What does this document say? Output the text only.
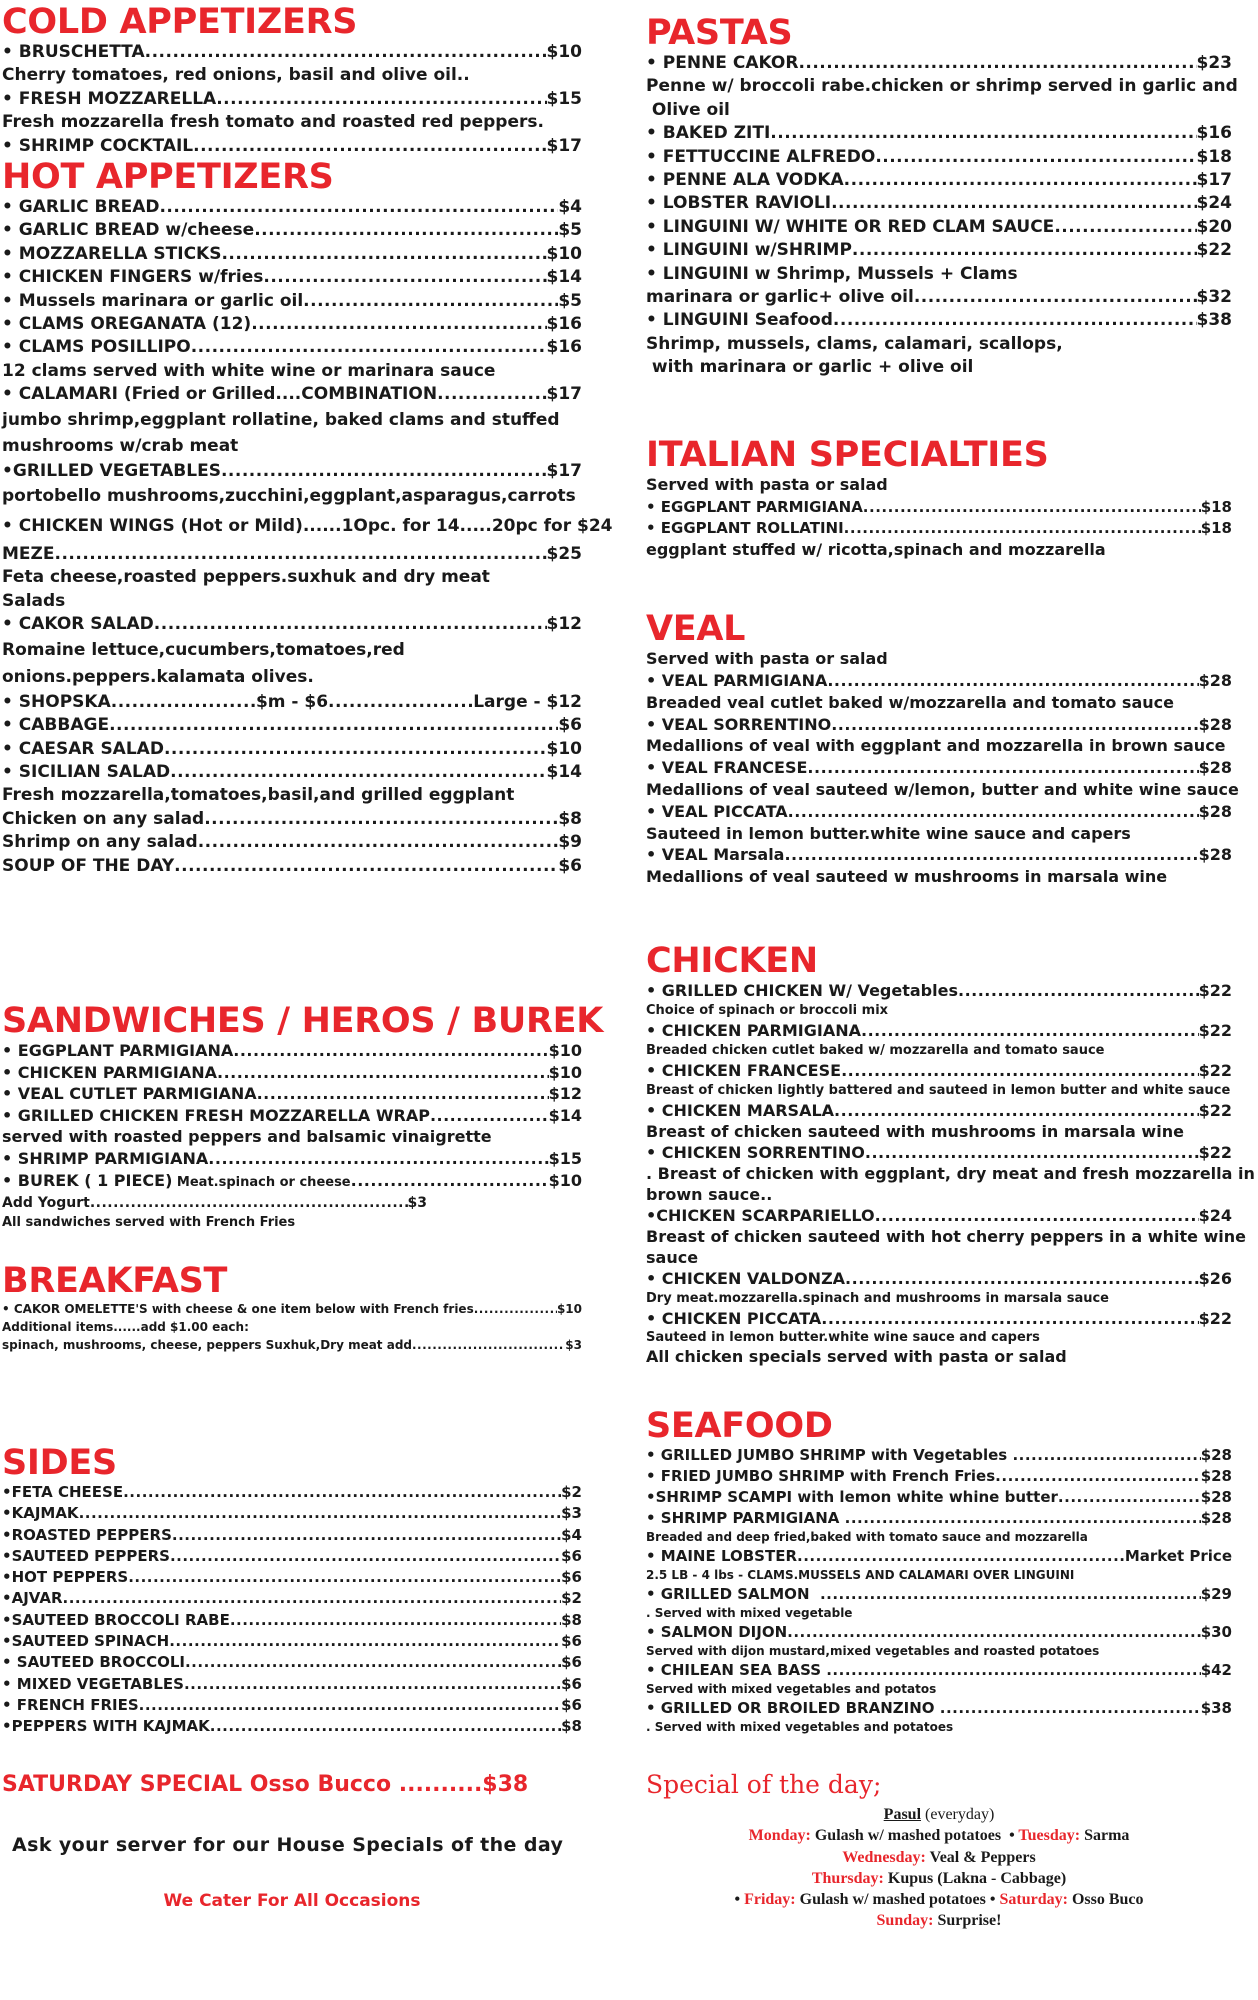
COLD APPETIZERS
• BRUSCHETTA .....	$10
Cherry tomatoes, red onions, basil and olive oil..
• FRESH MOZZARELLA .....	$15
Fresh mozzarella fresh tomato and roasted red peppers.
• SHRIMP COCKTAIL .....	$17
HOT APPETIZERS
• GARLIC BREAD .....	$4
• GARLIC BREAD w/cheese .....	$5
• MOZZARELLA STICKS .....	$10
• CHICKEN FINGERS w/fries .....	$14
• Mussels marinara or garlic oil .....	$5
• CLAMS OREGANATA (12) .....	$16
• CLAMS POSILLIPO .....	$16
12 clams served with white wine or marinara sauce
• CALAMARI (Fried or Grilled....COMBINATION .....	$17
jumbo shrimp,eggplant rollatine, baked clams and stuffed
mushrooms w/crab meat
•GRILLED VEGETABLES .....	$17
portobello mushrooms,zucchini,eggplant,asparagus,carrots
• CHICKEN WINGS (Hot or Mild)......1Opc. for 14.....20pc for $24
MEZE .....	$25
Feta cheese,roasted peppers.suxhuk and dry meat
Salads
• CAKOR SALAD .....	$12
Romaine lettuce,cucumbers,tomatoes,red
onions.peppers.kalamata olives.
• SHOPSKA .....	$m - $6 .....	Large - $12
• CABBAGE .....	$6
• CAESAR SALAD .....	$10
• SICILIAN SALAD .....	$14
Fresh mozzarella,tomatoes,basil,and grilled eggplant
Chicken on any salad .....	$8
Shrimp on any salad .....	$9
SOUP OF THE DAY .....	$6
SANDWICHES / HEROS / BUREK
• EGGPLANT PARMIGIANA .....	$10
• CHICKEN PARMIGIANA .....	$10
• VEAL CUTLET PARMIGIANA .....	$12
• GRILLED CHICKEN FRESH MOZZARELLA WRAP .....	$14
served with roasted peppers and balsamic vinaigrette
• SHRIMP PARMIGIANA .....	$15
• BUREK ( 1 PIECE) Meat.spinach or cheese .....	$10
Add Yogurt .....	$3
All sandwiches served with French Fries
BREAKFAST
• CAKOR OMELETTE'S with cheese & one item below with French fries .....	$10
Additional items......add $1.00 each:
spinach, mushrooms, cheese, peppers Suxhuk,Dry meat add .....	$3
SIDES
•FETA CHEESE .....	$2
•KAJMAK .....	$3
•ROASTED PEPPERS .....	$4
•SAUTEED PEPPERS .....	$6
•HOT PEPPERS .....	$6
•AJVAR .....	$2
•SAUTEED BROCCOLI RABE .....	$8
•SAUTEED SPINACH .....	$6
• SAUTEED BROCCOLI .....	$6
• MIXED VEGETABLES .....	$6
• FRENCH FRIES .....	$6
•PEPPERS WITH KAJMAK .....	$8
SATURDAY SPECIAL Osso Bucco ..........$38
Ask your server for our House Specials of the day
We Cater For All Occasions
PASTAS
• PENNE CAKOR .....	$23
Penne w/ broccoli rabe.chicken or shrimp served in garlic and
Olive oil
• BAKED ZITI .....	$16
• FETTUCCINE ALFREDO .....	$18
• PENNE ALA VODKA .....	$17
• LOBSTER RAVIOLI .....	$24
• LINGUINI W/ WHITE OR RED CLAM SAUCE .....	$20
• LINGUINI w/SHRIMP .....	$22
• LINGUINI w Shrimp, Mussels + Clams
marinara or garlic+ olive oil .....	$32
• LINGUINI Seafood .....	$38
Shrimp, mussels, clams, calamari, scallops,
with marinara or garlic + olive oil
ITALIAN SPECIALTIES
Served with pasta or salad
• EGGPLANT PARMIGIANA .....	$18
• EGGPLANT ROLLATINI .....	$18
eggplant stuffed w/ ricotta,spinach and mozzarella
VEAL
Served with pasta or salad
• VEAL PARMIGIANA .....	$28
Breaded veal cutlet baked w/mozzarella and tomato sauce
• VEAL SORRENTINO .....	$28
Medallions of veal with eggplant and mozzarella in brown sauce
• VEAL FRANCESE .....	$28
Medallions of veal sauteed w/lemon, butter and white wine sauce
• VEAL PICCATA .....	$28
Sauteed in lemon butter.white wine sauce and capers
• VEAL Marsala .....	$28
Medallions of veal sauteed w mushrooms in marsala wine
CHICKEN
• GRILLED CHICKEN W/ Vegetables .....	$22
Choice of spinach or broccoli mix
• CHICKEN PARMIGIANA .....	$22
Breaded chicken cutlet baked w/ mozzarella and tomato sauce
• CHICKEN FRANCESE .....	$22
Breast of chicken lightly battered and sauteed in lemon butter and white sauce
• CHICKEN MARSALA .....	$22
Breast of chicken sauteed with mushrooms in marsala wine
• CHICKEN SORRENTINO .....	$22
. Breast of chicken with eggplant, dry meat and fresh mozzarella in
brown sauce..
•CHICKEN SCARPARIELLO .....	$24
Breast of chicken sauteed with hot cherry peppers in a white wine
sauce
• CHICKEN VALDONZA .....	$26
Dry meat.mozzarella.spinach and mushrooms in marsala sauce
• CHICKEN PICCATA .....	$22
Sauteed in lemon butter.white wine sauce and capers
All chicken specials served with pasta or salad
SEAFOOD
• GRILLED JUMBO SHRIMP with Vegetables .....	$28
• FRIED JUMBO SHRIMP with French Fries .....	$28
•SHRIMP SCAMPI with lemon white whine butter .....	$28
• SHRIMP PARMIGIANA .....	$28
Breaded and deep fried,baked with tomato sauce and mozzarella
• MAINE LOBSTER .....	Market Price
2.5 LB - 4 lbs - CLAMS.MUSSELS AND CALAMARI OVER LINGUINI
• GRILLED SALMON .....	$29
. Served with mixed vegetable
• SALMON DIJON .....	$30
Served with dijon mustard,mixed vegetables and roasted potatoes
• CHILEAN SEA BASS .....	$42
Served with mixed vegetables and potatos
• GRILLED OR BROILED BRANZINO .....	$38
. Served with mixed vegetables and potatoes
Special of the day;
Pasul (everyday)
Monday: Gulash w/ mashed potatoes  • Tuesday: Sarma
Wednesday: Veal & Peppers
Thursday: Kupus (Lakna - Cabbage)
• Friday: Gulash w/ mashed potatoes • Saturday: Osso Buco
Sunday: Surprise!
